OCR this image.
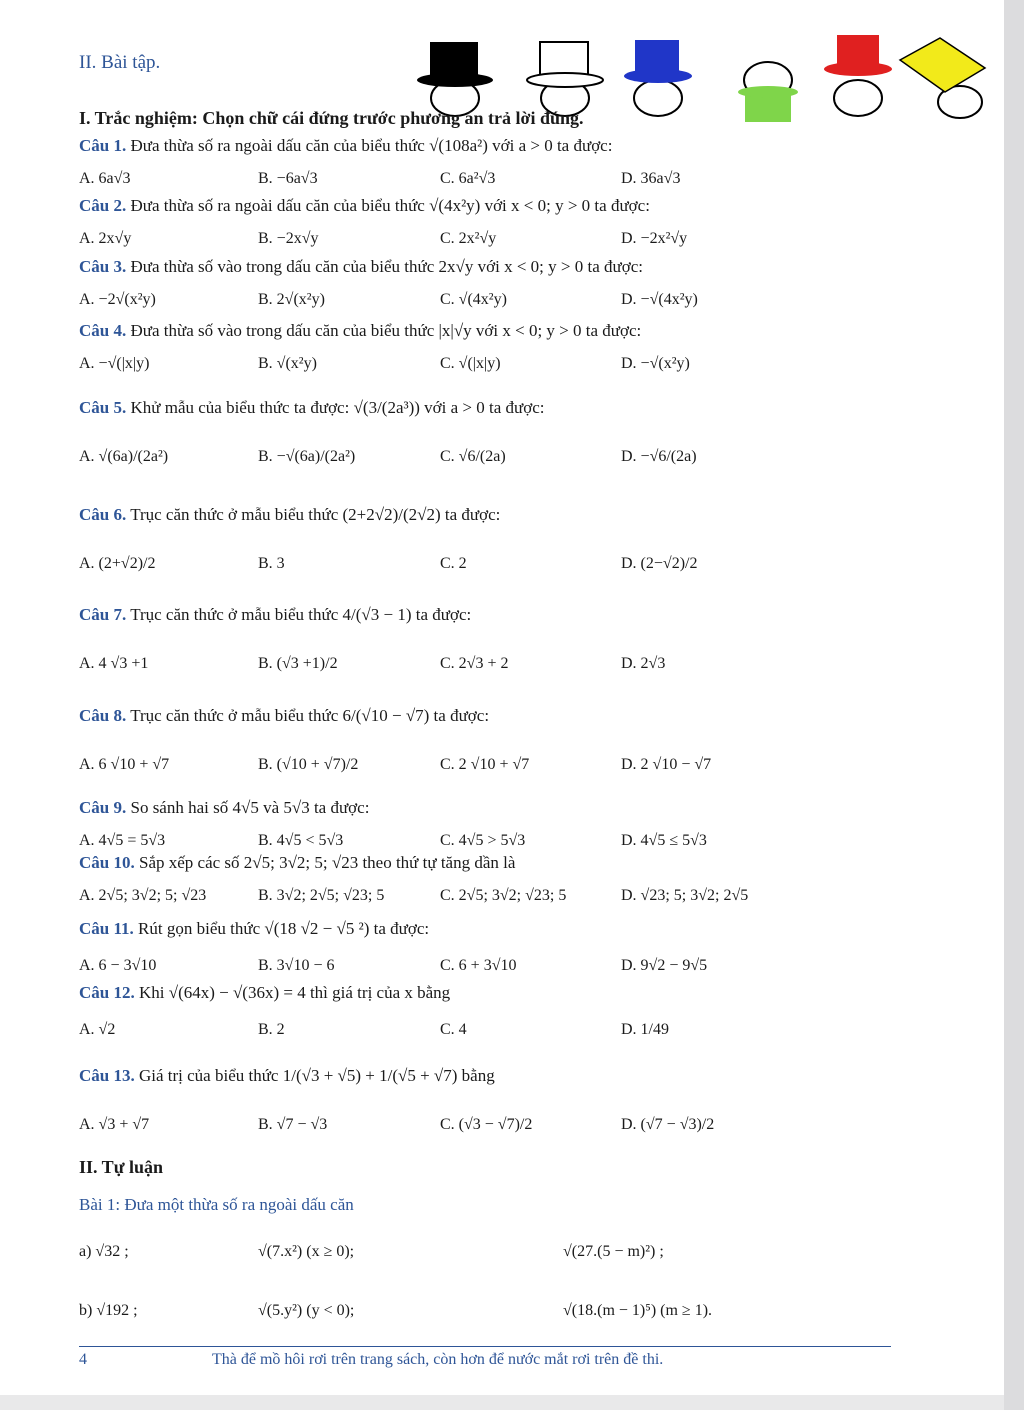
II. Bài tập.
I. Trắc nghiệm: Chọn chữ cái đứng trước phương án trả lời đúng.
Câu 1. Đưa thừa số ra ngoài dấu căn của biểu thức √(108a²) với a > 0 ta được:
A. 6a√3	B. −6a√3	C. 6a²√3	D. 36a√3
Câu 2. Đưa thừa số ra ngoài dấu căn của biểu thức √(4x²y) với x < 0; y > 0 ta được:
A. 2x√y	B. −2x√y	C. 2x²√y	D. −2x²√y
Câu 3. Đưa thừa số vào trong dấu căn của biểu thức 2x√y với x < 0; y > 0 ta được:
A. −2√(x²y)	B. 2√(x²y)	C. √(4x²y)	D. −√(4x²y)
Câu 4. Đưa thừa số vào trong dấu căn của biểu thức |x|√y với x < 0; y > 0 ta được:
A. −√(|x|y)	B. √(x²y)	C. √(|x|y)	D. −√(x²y)
Câu 5. Khử mẫu của biểu thức ta được: √(3/(2a³)) với a > 0 ta được:
A. √(6a)/(2a²)	B. −√(6a)/(2a²)	C. √6/(2a)	D. −√6/(2a)
Câu 6. Trục căn thức ở mẫu biểu thức (2+2√2)/(2√2) ta được:
A. (2+√2)/2	B. 3	C. 2	D. (2−√2)/2
Câu 7. Trục căn thức ở mẫu biểu thức 4/(√3 − 1) ta được:
A. 4 √3 +1	B. (√3 +1)/2	C. 2√3 + 2	D. 2√3
Câu 8. Trục căn thức ở mẫu biểu thức 6/(√10 − √7) ta được:
A. 6 √10 + √7	B. (√10 + √7)/2	C. 2 √10 + √7	D. 2 √10 − √7
Câu 9. So sánh hai số 4√5 và 5√3 ta được:
A. 4√5 = 5√3	B. 4√5 < 5√3	C. 4√5 > 5√3	D. 4√5 ≤ 5√3
Câu 10. Sắp xếp các số 2√5; 3√2; 5; √23 theo thứ tự tăng dần là
A. 2√5; 3√2; 5; √23	B. 3√2; 2√5; √23; 5	C. 2√5; 3√2; √23; 5	D. √23; 5; 3√2; 2√5
Câu 11. Rút gọn biểu thức √(18 √2 − √5 ²) ta được:
A. 6 − 3√10	B. 3√10 − 6	C. 6 + 3√10	D. 9√2 − 9√5
Câu 12. Khi √(64x) − √(36x) = 4 thì giá trị của x bằng
A. √2	B. 2	C. 4	D. 1/49
Câu 13. Giá trị của biểu thức 1/(√3 + √5) + 1/(√5 + √7) bằng
A. √3 + √7	B. √7 − √3	C. (√3 − √7)/2	D. (√7 − √3)/2
II. Tự luận
Bài 1: Đưa một thừa số ra ngoài dấu căn
a) √32 ;	√(7.x²) (x ≥ 0);	√(27.(5 − m)²) ;
b) √192 ;	√(5.y²) (y < 0);	√(18.(m − 1)⁵) (m ≥ 1).
4	Thà để mồ hôi rơi trên trang sách, còn hơn để nước mắt rơi trên đề thi.
